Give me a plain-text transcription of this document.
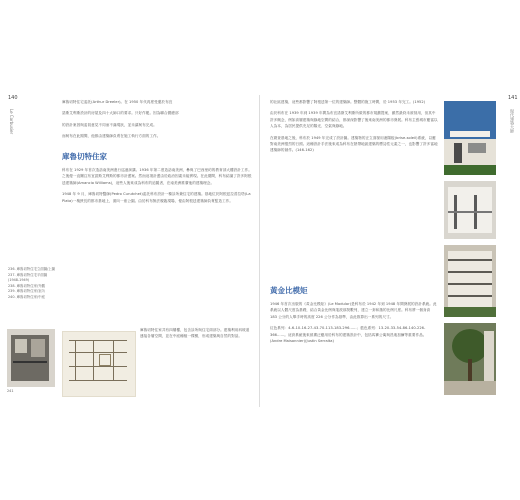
140
Le Corbusier

庫魯切特住宅委託(Arthur Dreeler)。在 1950 年代再度受邀於布宜

諾斯艾利斯設計的房屋及四十大師口的要求。只好作罷。因為聯合國總部

的設計案因與委員意見不同而不滿現狀，並未讓柯布完成。

而柯布在此期間，他都由建築師負責在施工執行方面的工作。

庫魯切特住家

科布在 1929 年首次造訪南美洲進行巡迴演講。1936 年第二度造訪南美洲，參與了巴西里約的教育部大樓設計工作。之後便一直關注布宜諾斯艾利斯的都市計畫案。然而這項計畫由於政治因素未能實現。在此期間，科布結識了許多阿根廷建築師(Amancio Williams)，這些人後來成為科布的追隨者，在南美洲推廣他的建築理念。

1948 年 9 月，庫魯切特醫師(Pedro Curutchet)委託科布設計一棟診所兼住宅的建築。基地位於阿根廷拉普拉塔(La Plata)一塊狹長的都市基地上，面向一座公園。由於科布無法親臨現場，便由阿根廷建築師負責監造工作。

236. 庫魯切特住宅立面圖/上圖
237. 庫魯切特住宅平面圖(1948-1949)
238. 庫魯切特住家/外觀
239. 庫魯切特住家/室內
240. 庫魯切特住家/中庭
241

庫魯切特住家共有四層樓，包含診所與住宅兩部分。建築利用斜坡道連接各層空間，並在中庭種植一棵樹，形成建築與自然的對話。

141
現代建築大師

的社區建築，這些都影響了阿根廷第一位的建築師。整體的施工時間，於 1953 年完工。(1952)

由於科布在 1939 年到 1939 年間為布宜諾斯艾利斯所做的都市規劃提案，雖然最終未被採用，但其中許多概念，例如高層建築與綠地空間的結合，都深深影響了後來南美洲的都市發展。科布主張城市應當以人為本，為居民提供充足的陽光、空氣與綠地。

在勘查基地之後，科布於 1949 年完成了設計圖。建築物的正立面採用遮陽板(brise-soleil)系統，以應對南美洲強烈的日照。這種設計手法後來成為科布在熱帶地區建築的標誌性元素之一，也影響了許多當地建築師的創作。(146-162)

黃金比模矩

1946 年首次出版的《黃金比模矩》(Le Modulor)是科布於 1942 年到 1948 年間發展的設計系統。此系統以人體尺度為基礎，結合黃金比例與斐波那契數列，建立一套和諧的比例尺度。科布將一個身高 183 公分的人舉手時的高度 226 公分作為基準，由此推算出一系列的尺寸。

紅色系列：4-6-10-16-27-43-70-113-183-296……；藍色系列：13-20-33-54-86-140-226-366……。這套系統後來被廣泛應用於科布的建築設計中，包括馬賽公寓與昌迪加爾等重要作品。(Andre Maisonnier)(Justin Serralta)
